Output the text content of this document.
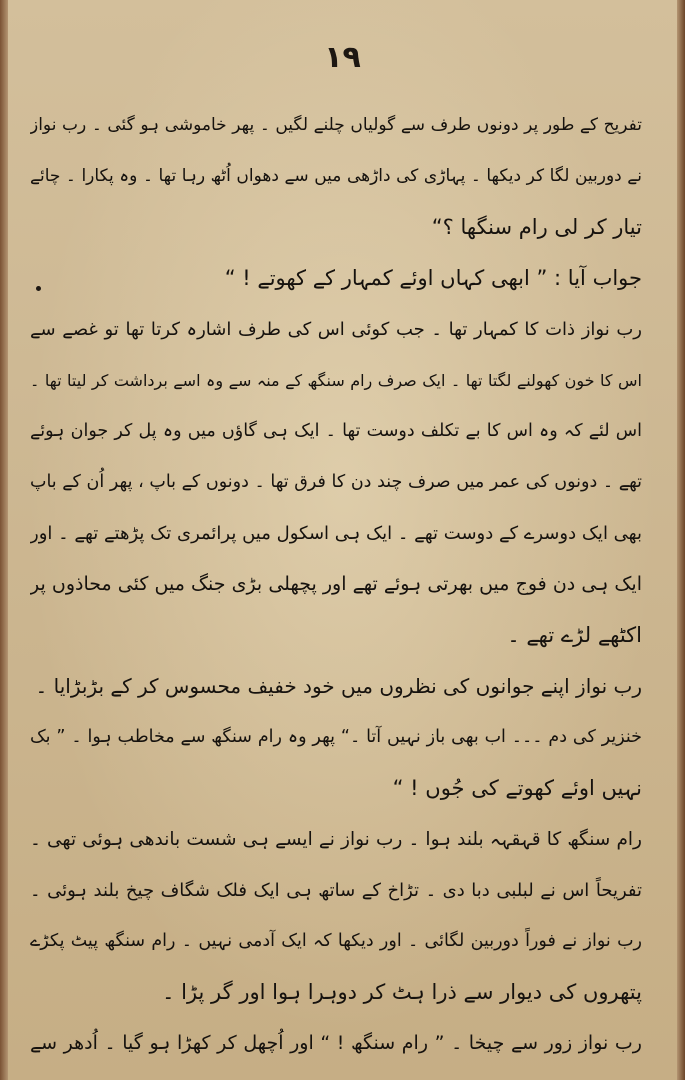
۱۹
تفریح کے طور پر دونوں طرف سے گولیاں چلنے لگیں ۔ پھر خاموشی ہو گئی ۔ رب نواز
نے دوربین لگا کر دیکھا ۔ پہاڑی کی داڑھی میں سے دھواں اُٹھ رہا تھا ۔ وہ پکارا ۔ چائے
تیار کر لی رام سنگھا ؟“
جواب آیا : ” ابھی کہاں اوئے کمہار کے کھوتے ! “
رب نواز ذات کا کمہار تھا ۔ جب کوئی اس کی طرف اشارہ کرتا تھا تو غصے سے
اس کا خون کھولنے لگتا تھا ۔ ایک صرف رام سنگھ کے منہ سے وہ اسے برداشت کر لیتا تھا ۔
اس لئے کہ وہ اس کا بے تکلف دوست تھا ۔ ایک ہی گاؤں میں وہ پل کر جوان ہوئے
تھے ۔ دونوں کی عمر میں صرف چند دن کا فرق تھا ۔ دونوں کے باپ ، پھر اُن کے باپ
بھی ایک دوسرے کے دوست تھے ۔ ایک ہی اسکول میں پرائمری تک پڑھتے تھے ۔ اور
ایک ہی دن فوج میں بھرتی ہوئے تھے اور پچھلی بڑی جنگ میں کئی محاذوں پر
اکٹھے لڑے تھے ۔
رب نواز اپنے جوانوں کی نظروں میں خود خفیف محسوس کر کے بڑبڑایا ۔
خنزیر کی دم ۔۔۔ اب بھی باز نہیں آتا ۔“ پھر وہ رام سنگھ سے مخاطب ہوا ۔ ” بک
نہیں اوئے کھوتے کی جُوں ! “
رام سنگھ کا قہقہہ بلند ہوا ۔ رب نواز نے ایسے ہی شست باندھی ہوئی تھی ۔
تفریحاً اس نے لبلبی دبا دی ۔ تڑاخ کے ساتھ ہی ایک فلک شگاف چیخ بلند ہوئی ۔
رب نواز نے فوراً دوربین لگائی ۔ اور دیکھا کہ ایک آدمی نہیں ۔ رام سنگھ پیٹ پکڑے
پتھروں کی دیوار سے ذرا ہٹ کر دوہرا ہوا اور گر پڑا ۔
رب نواز زور سے چیخا ۔ ” رام سنگھ ! “ اور اُچھل کر کھڑا ہو گیا ۔ اُدھر سے
